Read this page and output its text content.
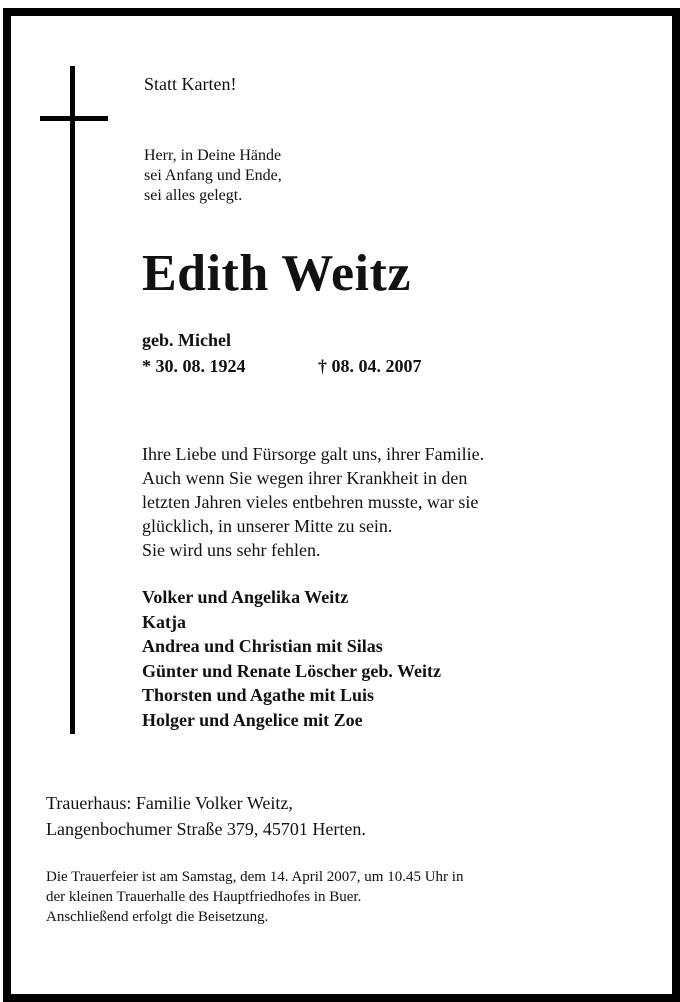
Statt Karten!

Herr, in Deine Hände
sei Anfang und Ende,
sei alles gelegt.
Edith Weitz

geb. Michel

* 30. 08. 1924	† 08. 04. 2007

Ihre Liebe und Fürsorge galt uns, ihrer Familie.
Auch wenn Sie wegen ihrer Krankheit in den
letzten Jahren vieles entbehren musste, war sie
glücklich, in unserer Mitte zu sein.
Sie wird uns sehr fehlen.
Volker und Angelika Weitz
Katja
Andrea und Christian mit Silas
Günter und Renate Löscher geb. Weitz
Thorsten und Agathe mit Luis
Holger und Angelice mit Zoe
Trauerhaus: Familie Volker Weitz,
Langenbochumer Straße 379, 45701 Herten.
Die Trauerfeier ist am Samstag, dem 14. April 2007, um 10.45 Uhr in
der kleinen Trauerhalle des Hauptfriedhofes in Buer.
Anschließend erfolgt die Beisetzung.
